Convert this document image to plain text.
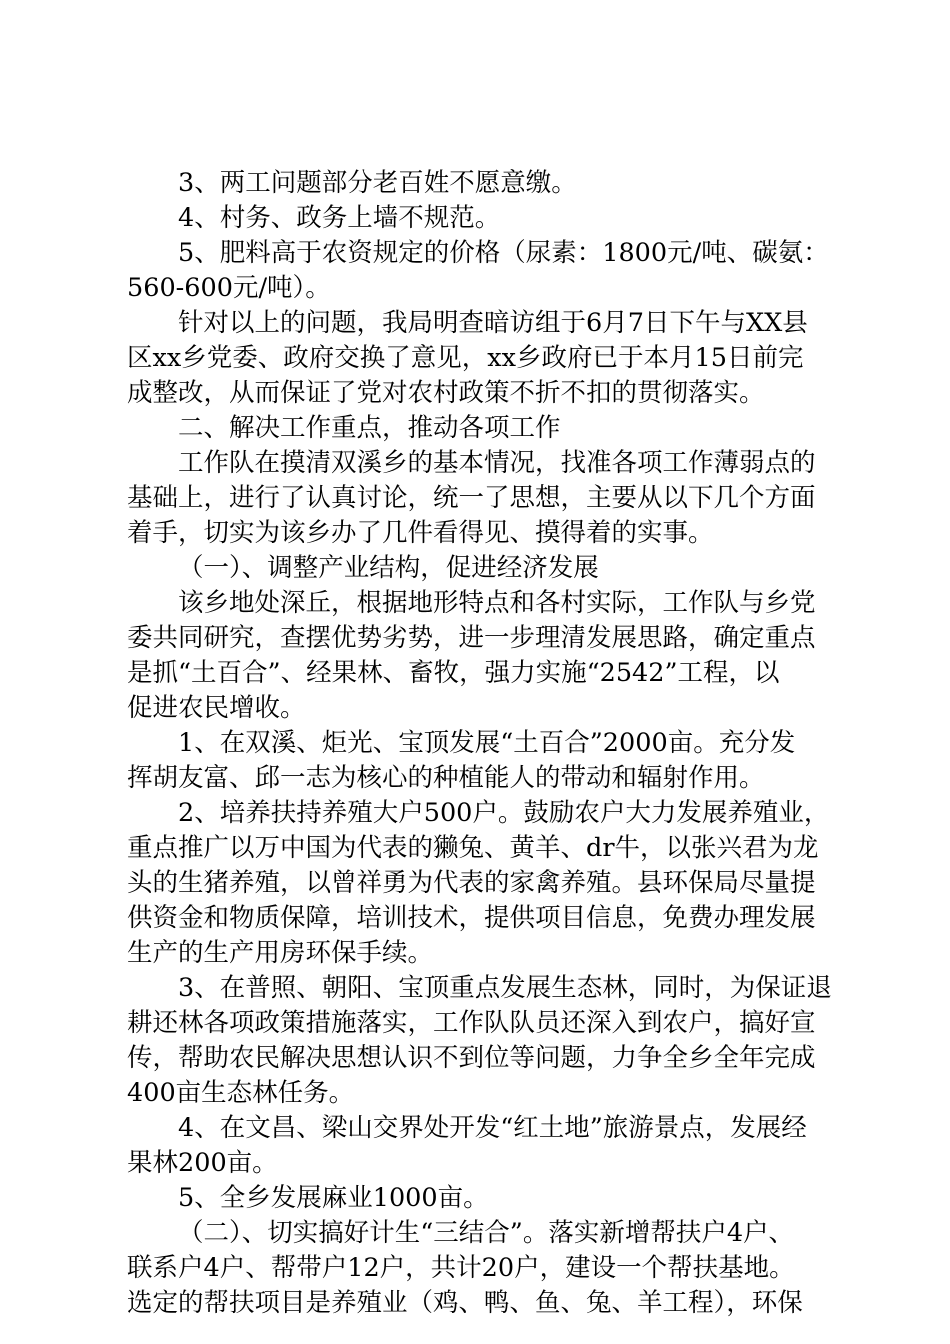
3、两工问题部分老百姓不愿意缴。
4、村务、政务上墙不规范。
5、肥料高于农资规定的价格（尿素：1800元/吨、碳氨：
560-600元/吨）。
针对以上的问题，我局明查暗访组于6月7日下午与XX县
区xx乡党委、政府交换了意见，xx乡政府已于本月15日前完
成整改，从而保证了党对农村政策不折不扣的贯彻落实。
二、解决工作重点，推动各项工作
工作队在摸清双溪乡的基本情况，找准各项工作薄弱点的
基础上，进行了认真讨论，统一了思想，主要从以下几个方面
着手，切实为该乡办了几件看得见、摸得着的实事。
（一）、调整产业结构，促进经济发展
该乡地处深丘，根据地形特点和各村实际，工作队与乡党
委共同研究，查摆优势劣势，进一步理清发展思路，确定重点
是抓“土百合”、经果林、畜牧，强力实施“2542”工程，以
促进农民增收。
1、在双溪、炬光、宝顶发展“土百合”2000亩。充分发
挥胡友富、邱一志为核心的种植能人的带动和辐射作用。
2、培养扶持养殖大户500户。鼓励农户大力发展养殖业，
重点推广以万中国为代表的獭兔、黄羊、dr牛，以张兴君为龙
头的生猪养殖，以曾祥勇为代表的家禽养殖。县环保局尽量提
供资金和物质保障，培训技术，提供项目信息，免费办理发展
生产的生产用房环保手续。
3、在普照、朝阳、宝顶重点发展生态林，同时，为保证退
耕还林各项政策措施落实，工作队队员还深入到农户，搞好宣
传，帮助农民解决思想认识不到位等问题，力争全乡全年完成
400亩生态林任务。
4、在文昌、梁山交界处开发“红土地”旅游景点，发展经
果林200亩。
5、全乡发展麻业1000亩。
（二）、切实搞好计生“三结合”。落实新增帮扶户4户、
联系户4户、帮带户12户，共计20户，建设一个帮扶基地。
选定的帮扶项目是养殖业（鸡、鸭、鱼、兔、羊工程），环保
